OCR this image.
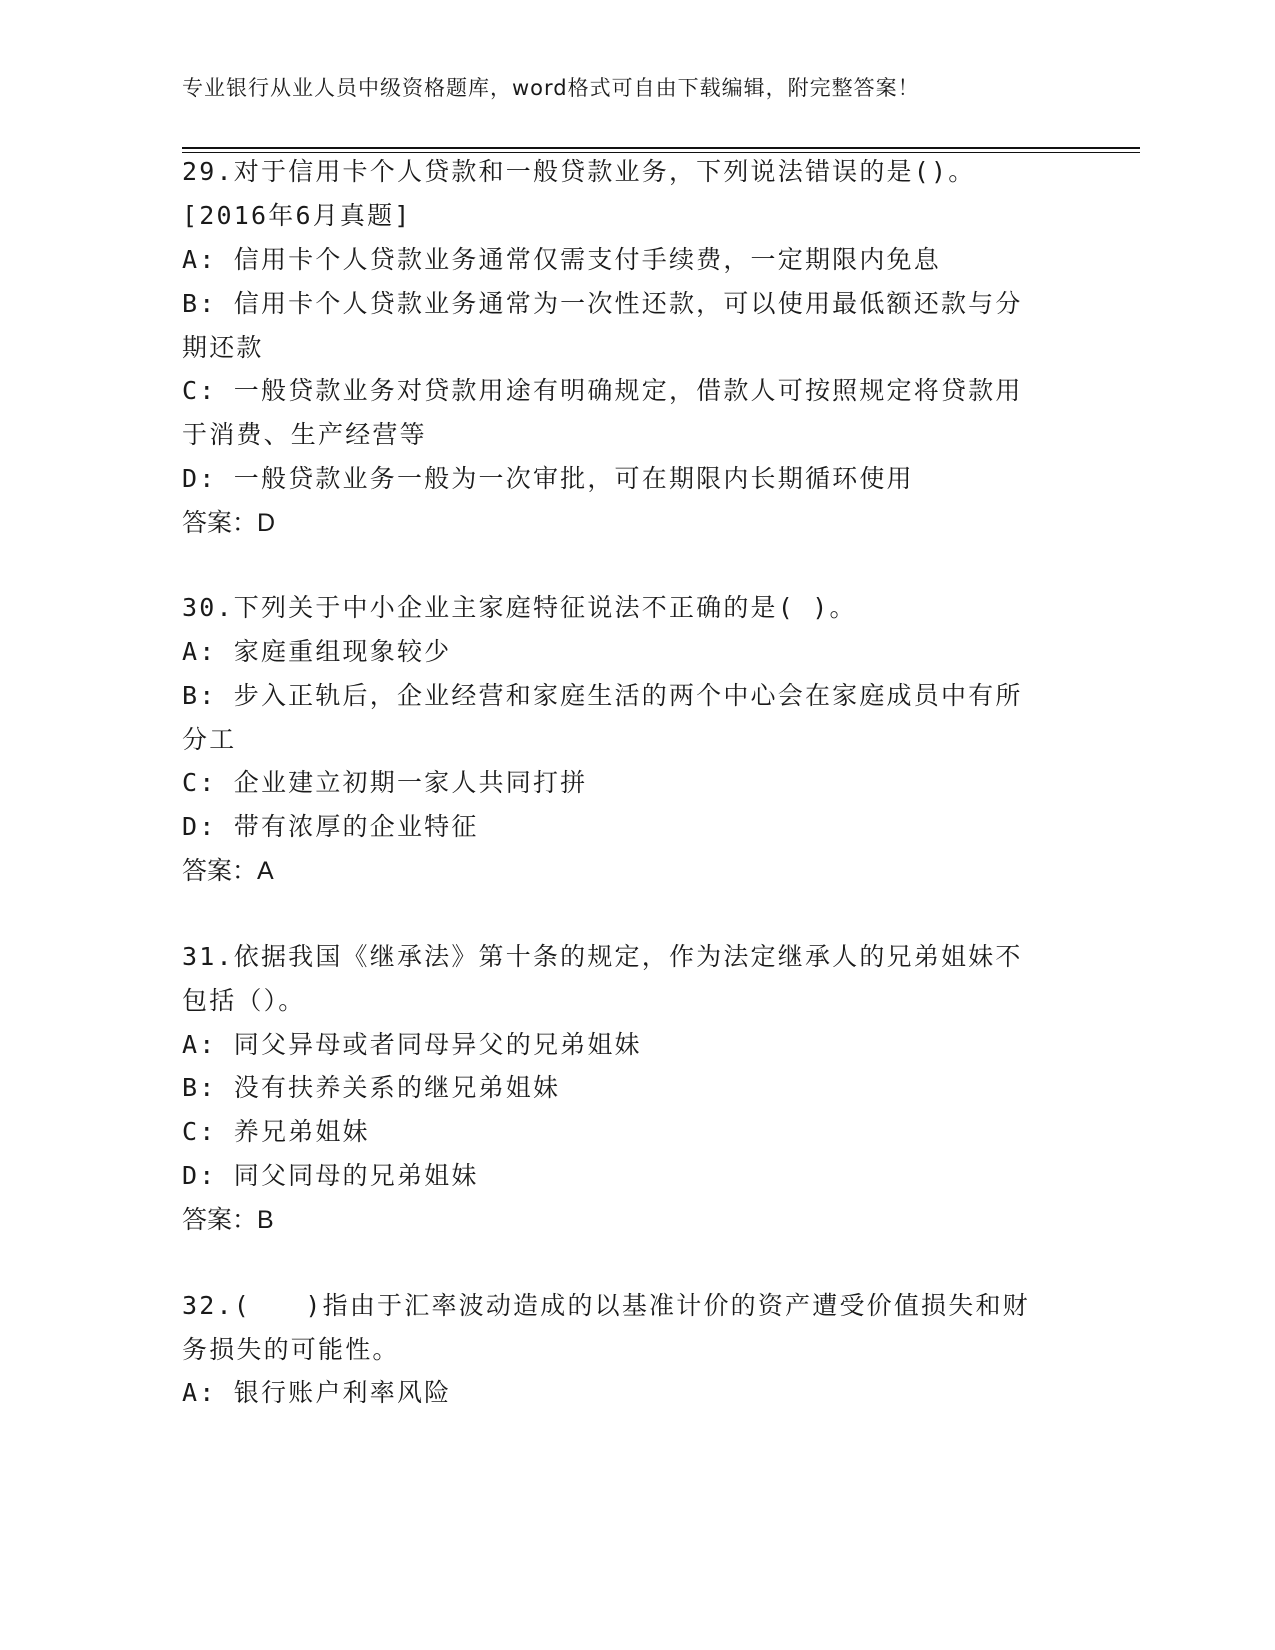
专业银行从业人员中级资格题库，word格式可自由下载编辑，附完整答案！
29.对于信用卡个人贷款和一般贷款业务，下列说法错误的是()。
[2016年6月真题]
A: 信用卡个人贷款业务通常仅需支付手续费，一定期限内免息
B: 信用卡个人贷款业务通常为一次性还款，可以使用最低额还款与分
期还款
C: 一般贷款业务对贷款用途有明确规定，借款人可按照规定将贷款用
于消费、生产经营等
D: 一般贷款业务一般为一次审批，可在期限内长期循环使用
答案：D
30.下列关于中小企业主家庭特征说法不正确的是( )。
A: 家庭重组现象较少
B: 步入正轨后，企业经营和家庭生活的两个中心会在家庭成员中有所
分工
C: 企业建立初期一家人共同打拼
D: 带有浓厚的企业特征
答案：A
31.依据我国《继承法》第十条的规定，作为法定继承人的兄弟姐妹不
包括（）。
A: 同父异母或者同母异父的兄弟姐妹
B: 没有扶养关系的继兄弟姐妹
C: 养兄弟姐妹
D: 同父同母的兄弟姐妹
答案：B
32.(　　)指由于汇率波动造成的以基准计价的资产遭受价值损失和财
务损失的可能性。
A: 银行账户利率风险
